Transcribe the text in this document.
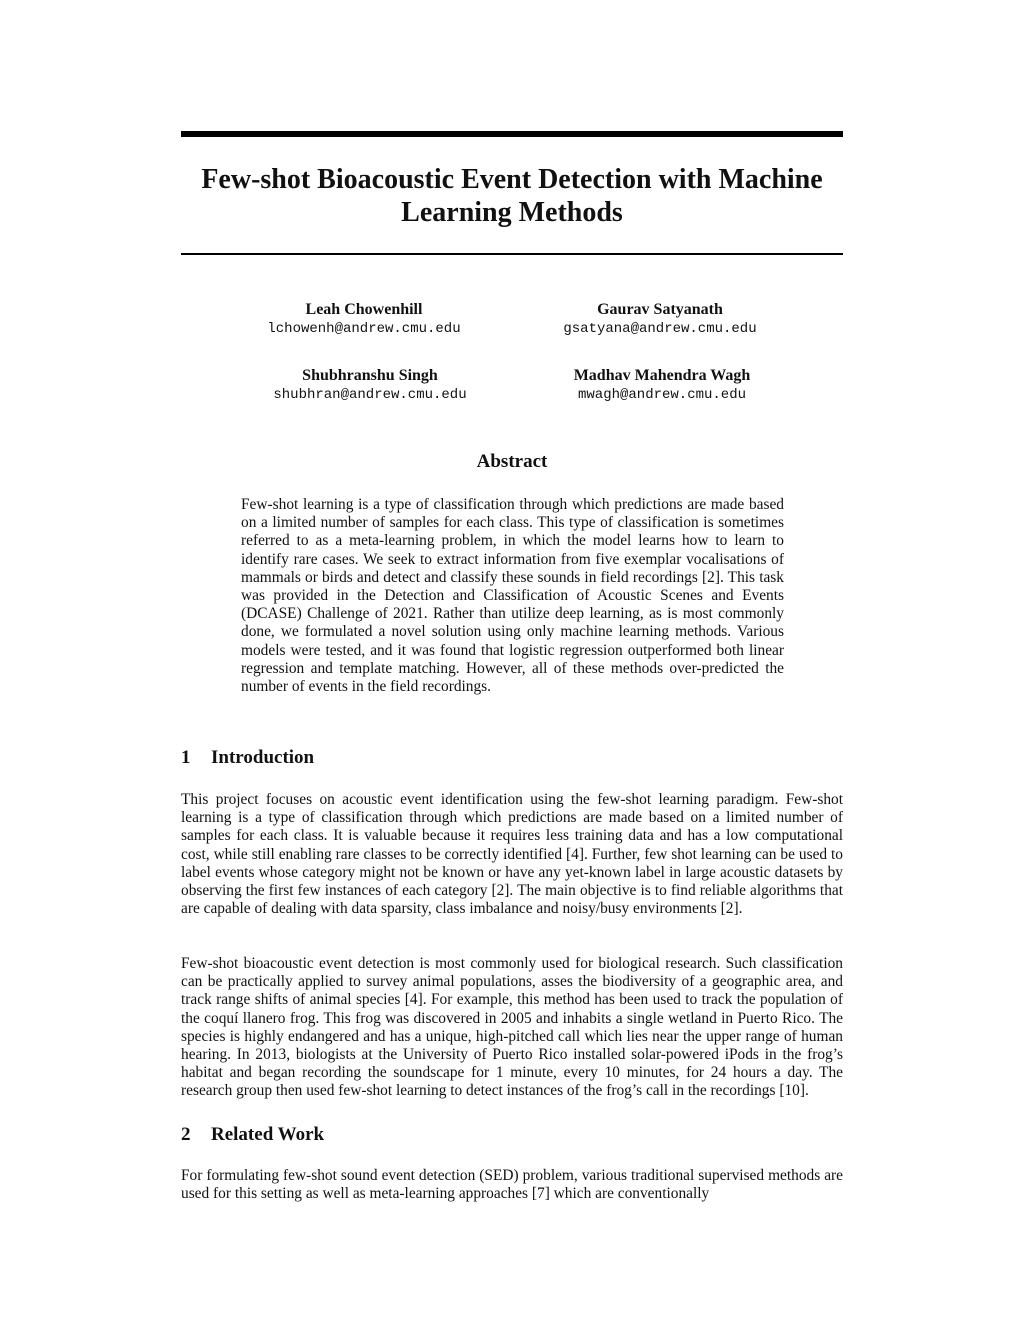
Few-shot Bioacoustic Event Detection with Machine Learning Methods
Leah Chowenhill
lchowenh@andrew.cmu.edu
Gaurav Satyanath
gsatyana@andrew.cmu.edu
Shubhranshu Singh
shubhran@andrew.cmu.edu
Madhav Mahendra Wagh
mwagh@andrew.cmu.edu
Abstract

Few-shot learning is a type of classification through which predictions are made based on a limited number of samples for each class. This type of classification is sometimes referred to as a meta-learning problem, in which the model learns how to learn to identify rare cases. We seek to extract information from five exemplar vocalisations of mammals or birds and detect and classify these sounds in field recordings [2]. This task was provided in the Detection and Classification of Acoustic Scenes and Events (DCASE) Challenge of 2021. Rather than utilize deep learning, as is most commonly done, we formulated a novel solution using only machine learning methods. Various models were tested, and it was found that logistic regression outperformed both linear regression and template matching. However, all of these methods over-predicted the number of events in the field recordings.

1 Introduction

This project focuses on acoustic event identification using the few-shot learning paradigm. Few-shot learning is a type of classification through which predictions are made based on a limited number of samples for each class. It is valuable because it requires less training data and has a low computational cost, while still enabling rare classes to be correctly identified [4]. Further, few shot learning can be used to label events whose category might not be known or have any yet-known label in large acoustic datasets by observing the first few instances of each category [2]. The main objective is to find reliable algorithms that are capable of dealing with data sparsity, class imbalance and noisy/busy environments [2].

Few-shot bioacoustic event detection is most commonly used for biological research. Such classification can be practically applied to survey animal populations, asses the biodiversity of a geographic area, and track range shifts of animal species [4]. For example, this method has been used to track the population of the coquí llanero frog. This frog was discovered in 2005 and inhabits a single wetland in Puerto Rico. The species is highly endangered and has a unique, high-pitched call which lies near the upper range of human hearing. In 2013, biologists at the University of Puerto Rico installed solar-powered iPods in the frog’s habitat and began recording the soundscape for 1 minute, every 10 minutes, for 24 hours a day. The research group then used few-shot learning to detect instances of the frog’s call in the recordings [10].

2 Related Work

For formulating few-shot sound event detection (SED) problem, various traditional supervised methods are used for this setting as well as meta-learning approaches [7] which are conventionally
